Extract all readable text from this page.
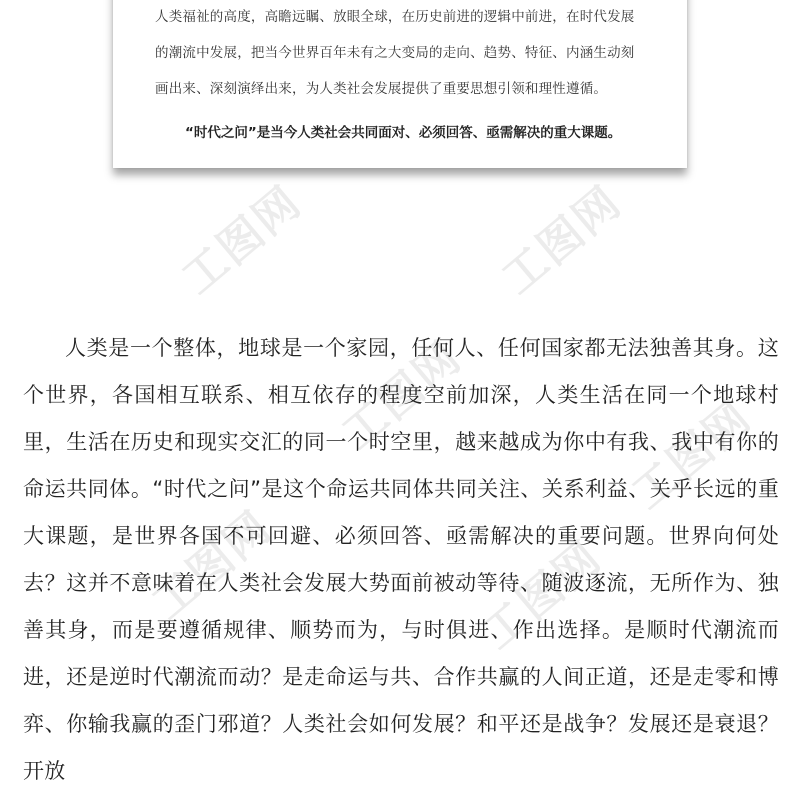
人类福祉的高度，高瞻远瞩、放眼全球，在历史前进的逻辑中前进，在时代发展
的潮流中发展，把当今世界百年未有之大变局的走向、趋势、特征、内涵生动刻
画出来、深刻演绎出来，为人类社会发展提供了重要思想引领和理性遵循。
“时代之问”是当今人类社会共同面对、必须回答、亟需解决的重大课题。
工图网	工图网
工图网	工图网
工图网	工图网

人类是一个整体，地球是一个家园，任何人、任何国家都无法独善其身。这个世界，各国相互联系、相互依存的程度空前加深，人类生活在同一个地球村里，生活在历史和现实交汇的同一个时空里，越来越成为你中有我、我中有你的命运共同体。“时代之问”是这个命运共同体共同关注、关系利益、关乎长远的重大课题，是世界各国不可回避、必须回答、亟需解决的重要问题。世界向何处去？这并不意味着在人类社会发展大势面前被动等待、随波逐流，无所作为、独善其身，而是要遵循规律、顺势而为，与时俱进、作出选择。是顺时代潮流而进，还是逆时代潮流而动？是走命运与共、合作共赢的人间正道，还是走零和博弈、你输我赢的歪门邪道？人类社会如何发展？和平还是战争？发展还是衰退？开放
